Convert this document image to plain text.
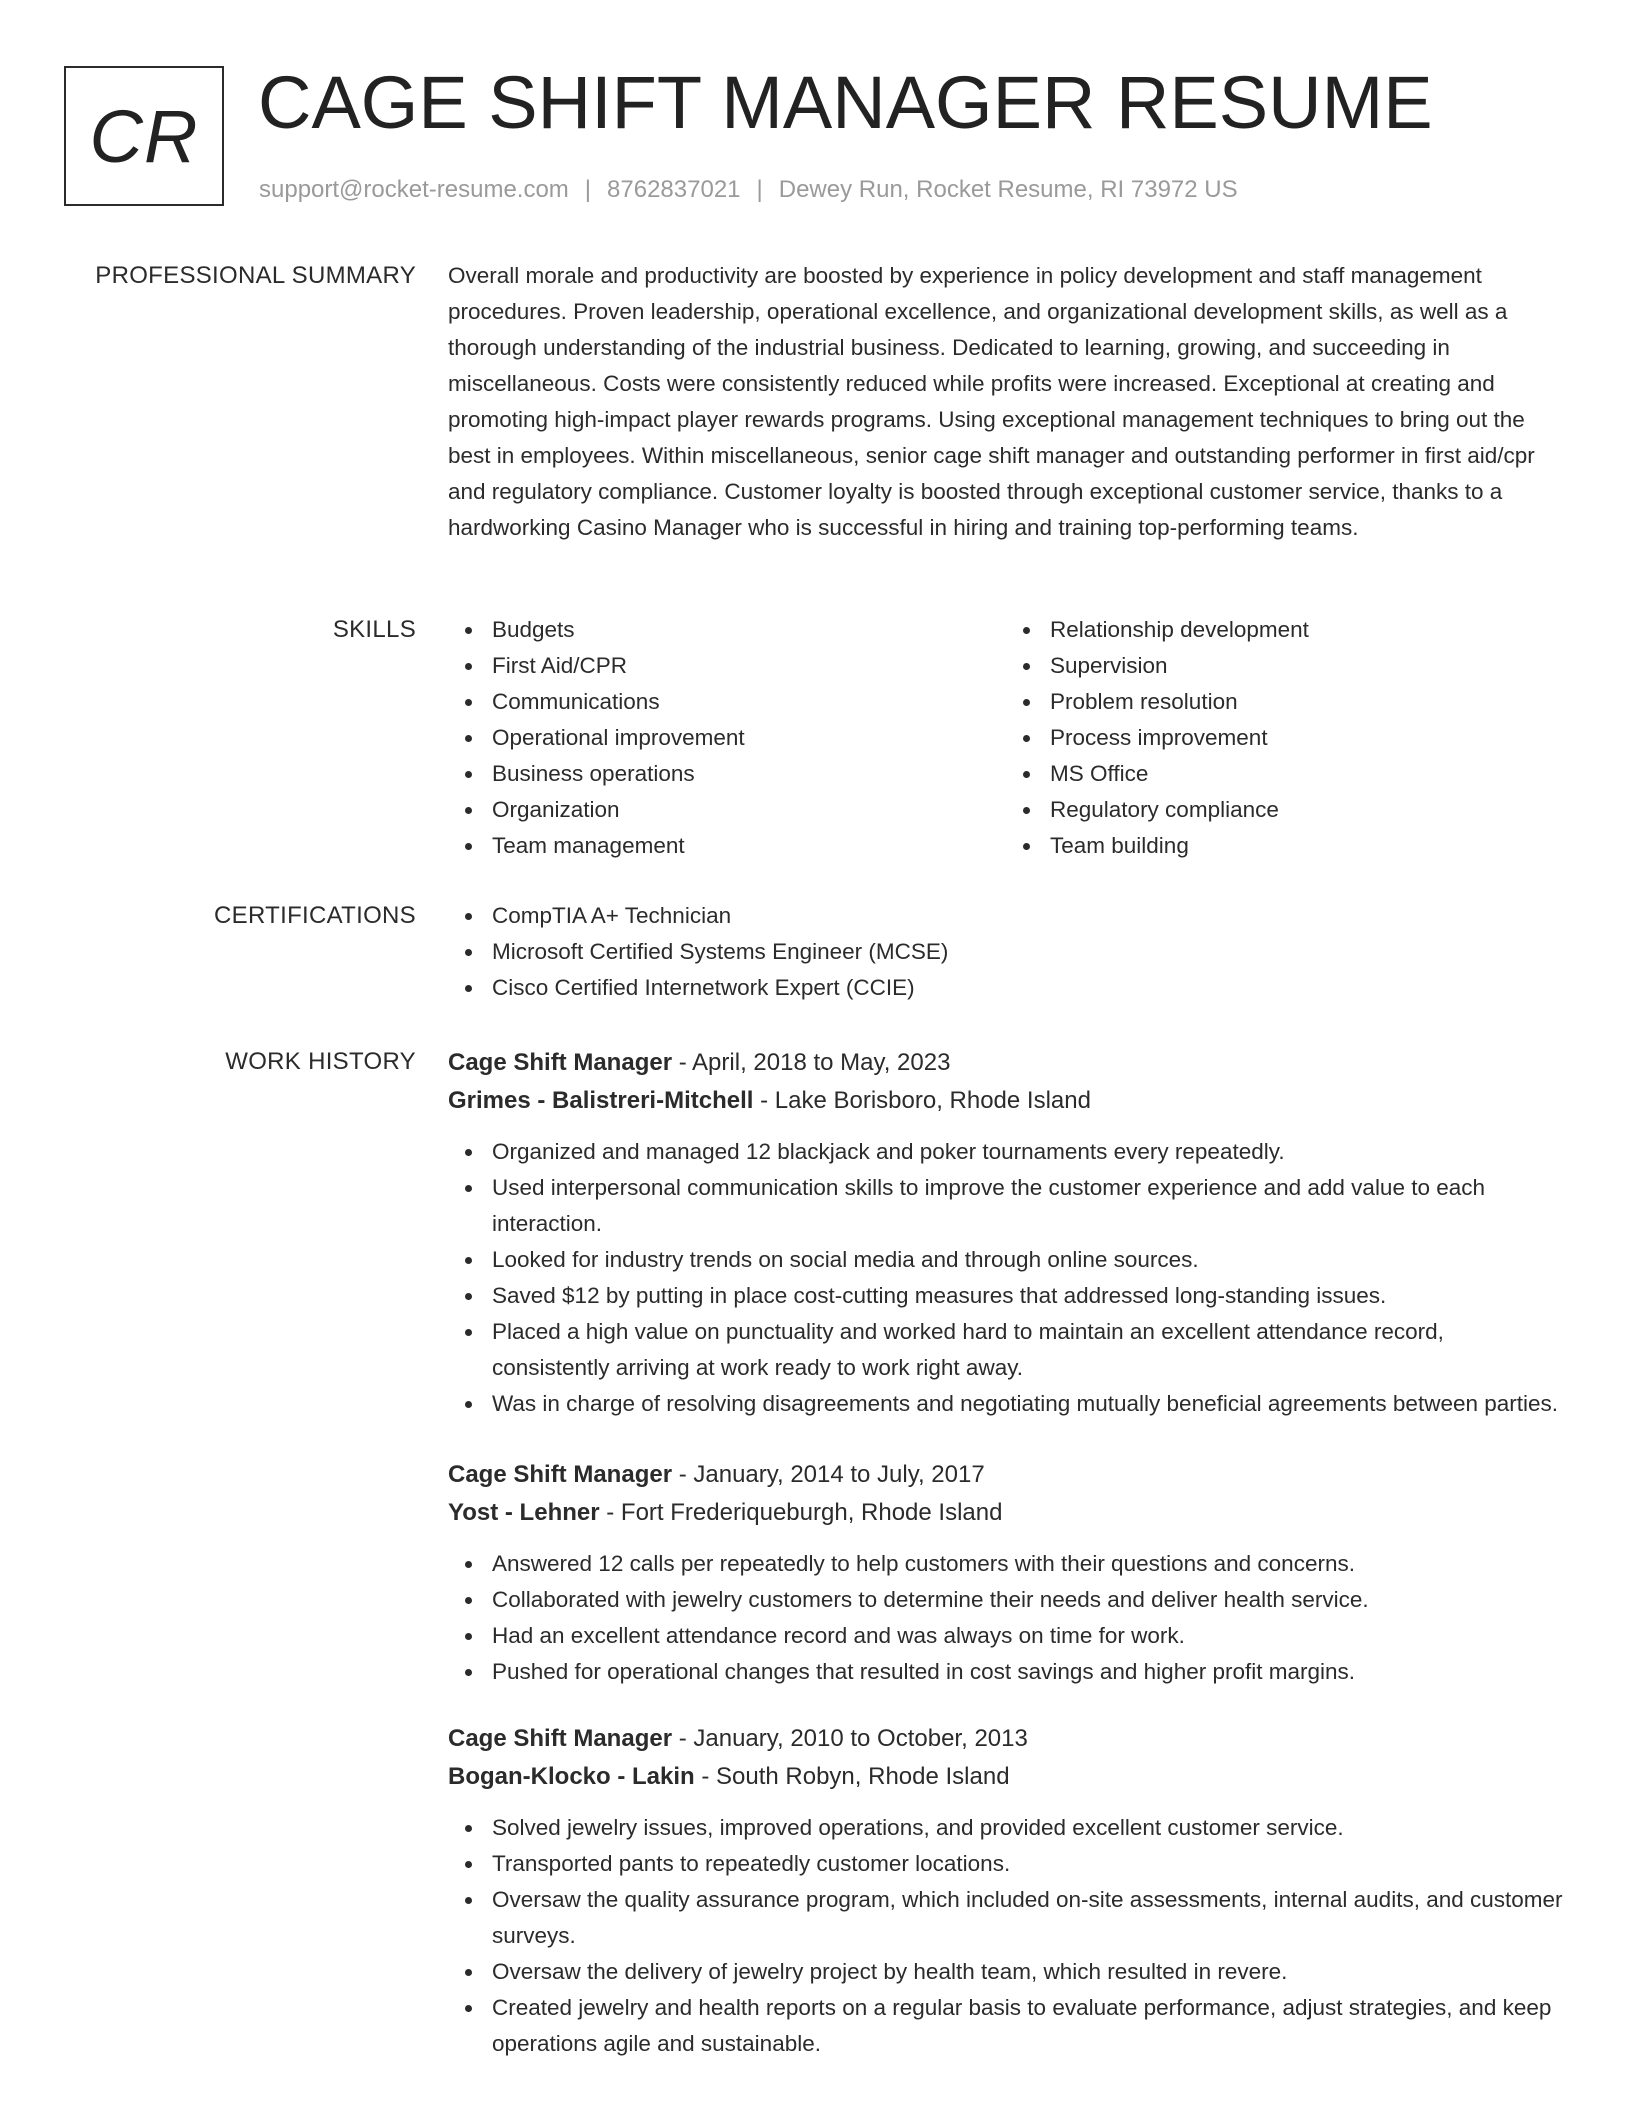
CR CAGE SHIFT MANAGER RESUME
support@rocket-resume.com | 8762837021 | Dewey Run, Rocket Resume, RI 73972 US
PROFESSIONAL SUMMARY Overall morale and productivity are boosted by experience in policy development and staff management procedures. Proven leadership, operational excellence, and organizational development skills, as well as a thorough understanding of the industrial business. Dedicated to learning, growing, and succeeding in miscellaneous. Costs were consistently reduced while profits were increased. Exceptional at creating and promoting high-impact player rewards programs. Using exceptional management techniques to bring out the best in employees. Within miscellaneous, senior cage shift manager and outstanding performer in first aid/cpr and regulatory compliance. Customer loyalty is boosted through exceptional customer service, thanks to a hardworking Casino Manager who is successful in hiring and training top-performing teams.

SKILLS	Budgets
First Aid/CPR
Communications
Operational improvement
Business operations
Organization
Team management
Relationship development
Supervision
Problem resolution
Process improvement
MS Office
Regulatory compliance
Team building
CERTIFICATIONS	CompTIA A+ Technician
Microsoft Certified Systems Engineer (MCSE)
Cisco Certified Internetwork Expert (CCIE)
WORK HISTORY Cage Shift Manager - April, 2018 to May, 2023
Grimes - Balistreri-Mitchell - Lake Borisboro, Rhode Island
Organized and managed 12 blackjack and poker tournaments every repeatedly.
Used interpersonal communication skills to improve the customer experience and add value to each interaction.
Looked for industry trends on social media and through online sources.
Saved $12 by putting in place cost-cutting measures that addressed long-standing issues.
Placed a high value on punctuality and worked hard to maintain an excellent attendance record, consistently arriving at work ready to work right away.
Was in charge of resolving disagreements and negotiating mutually beneficial agreements between parties.
Cage Shift Manager - January, 2014 to July, 2017
Yost - Lehner - Fort Frederiqueburgh, Rhode Island
Answered 12 calls per repeatedly to help customers with their questions and concerns.
Collaborated with jewelry customers to determine their needs and deliver health service.
Had an excellent attendance record and was always on time for work.
Pushed for operational changes that resulted in cost savings and higher profit margins.
Cage Shift Manager - January, 2010 to October, 2013
Bogan-Klocko - Lakin - South Robyn, Rhode Island
Solved jewelry issues, improved operations, and provided excellent customer service.
Transported pants to repeatedly customer locations.
Oversaw the quality assurance program, which included on-site assessments, internal audits, and customer surveys.
Oversaw the delivery of jewelry project by health team, which resulted in revere.
Created jewelry and health reports on a regular basis to evaluate performance, adjust strategies, and keep operations agile and sustainable.
